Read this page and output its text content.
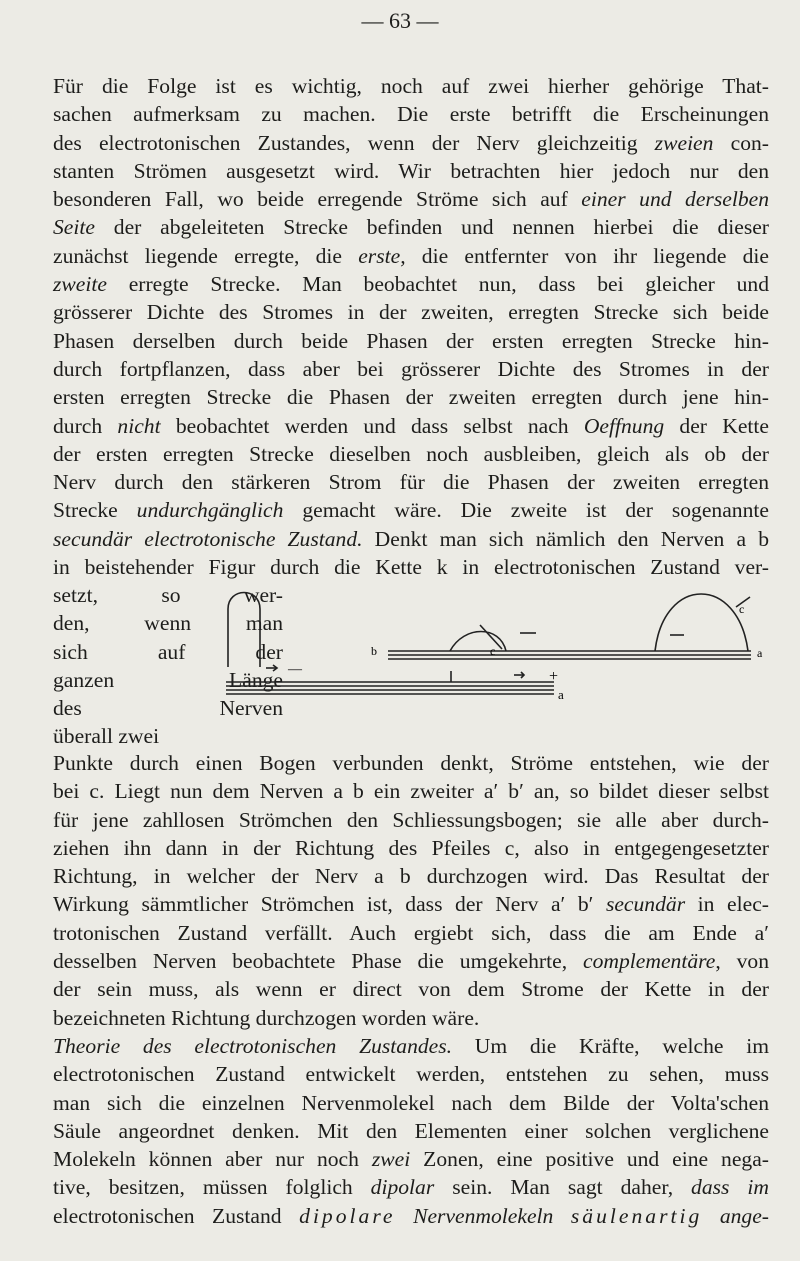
— 63 —
Für die Folge ist es wichtig, noch auf zwei hierher gehörige That-
sachen aufmerksam zu machen. Die erste betrifft die Erscheinungen
des electrotonischen Zustandes, wenn der Nerv gleichzeitig zweien con-
stanten Strömen ausgesetzt wird. Wir betrachten hier jedoch nur den
besonderen Fall, wo beide erregende Ströme sich auf einer und derselben
Seite der abgeleiteten Strecke befinden und nennen hierbei die dieser
zunächst liegende erregte, die erste, die entfernter von ihr liegende die
zweite erregte Strecke. Man beobachtet nun, dass bei gleicher und
grösserer Dichte des Stromes in der zweiten, erregten Strecke sich beide
Phasen derselben durch beide Phasen der ersten erregten Strecke hin-
durch fortpflanzen, dass aber bei grösserer Dichte des Stromes in der
ersten erregten Strecke die Phasen der zweiten erregten durch jene hin-
durch nicht beobachtet werden und dass selbst nach Oeffnung der Kette
der ersten erregten Strecke dieselben noch ausbleiben, gleich als ob der
Nerv durch den stärkeren Strom für die Phasen der zweiten erregten
Strecke undurchgänglich gemacht wäre. Die zweite ist der sogenannte
secundär electrotonische Zustand. Denkt man sich nämlich den Nerven a b
in beistehender Figur durch die Kette k in electrotonischen Zustand ver-
setzt, so wer-
den, wenn man
sich auf der
ganzen Länge
des Nerven
überall zwei
—
b	a
a
c
c
+
Punkte durch einen Bogen verbunden denkt, Ströme entstehen, wie der
bei c. Liegt nun dem Nerven a b ein zweiter a′ b′ an, so bildet dieser selbst
für jene zahllosen Strömchen den Schliessungsbogen; sie alle aber durch-
ziehen ihn dann in der Richtung des Pfeiles c, also in entgegengesetzter
Richtung, in welcher der Nerv a b durchzogen wird. Das Resultat der
Wirkung sämmtlicher Strömchen ist, dass der Nerv a′ b′ secundär in elec-
trotonischen Zustand verfällt. Auch ergiebt sich, dass die am Ende a′
desselben Nerven beobachtete Phase die umgekehrte, complementäre, von
der sein muss, als wenn er direct von dem Strome der Kette in der
bezeichneten Richtung durchzogen worden wäre.
Theorie des electrotonischen Zustandes. Um die Kräfte, welche im
electrotonischen Zustand entwickelt werden, entstehen zu sehen, muss
man sich die einzelnen Nervenmolekel nach dem Bilde der Volta'schen
Säule angeordnet denken. Mit den Elementen einer solchen verglichene
Molekeln können aber nur noch zwei Zonen, eine positive und eine nega-
tive, besitzen, müssen folglich dipolar sein. Man sagt daher, dass im
electrotonischen Zustand dipolare Nervenmolekeln säulenartig ange-
